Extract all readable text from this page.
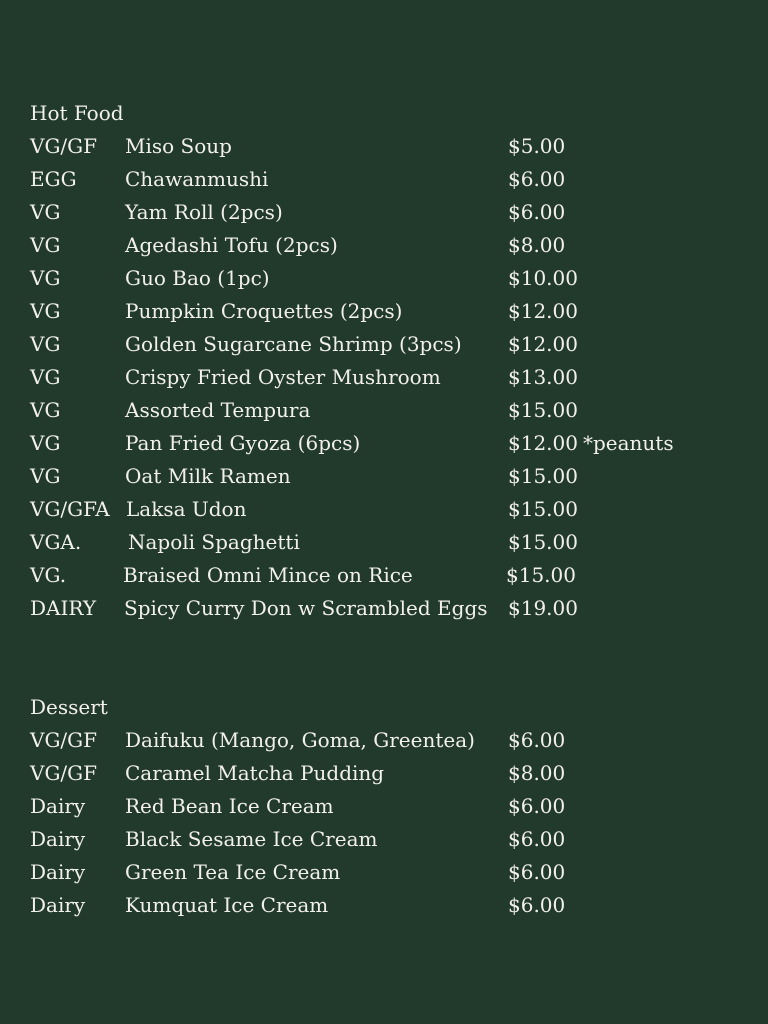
Hot Food
VG/GF Miso Soup	$5.00
EGG Chawanmushi	$6.00
VG	Yam Roll (2pcs)	$6.00
VG	Agedashi Tofu (2pcs)	$8.00
VG	Guo Bao (1pc)	$10.00
VG	Pumpkin Croquettes (2pcs)	$12.00
VG	Golden Sugarcane Shrimp (3pcs) $12.00
VG	Crispy Fried Oyster Mushroom	$13.00
VG	Assorted Tempura	$15.00
VG	Pan Fried Gyoza (6pcs)	$12.00 *peanuts
VG	Oat Milk Ramen	$15.00
VG/GFA Laksa Udon	$15.00
VGA. Napoli Spaghetti	$15.00
VG.	Braised Omni Mince on Rice	$15.00
DAIRY Spicy Curry Don w Scrambled Eggs $19.00
Dessert
VG/GF Daifuku (Mango, Goma, Greentea) $6.00
VG/GF Caramel Matcha Pudding	$8.00
Dairy Red Bean Ice Cream	$6.00
Dairy Black Sesame Ice Cream	$6.00
Dairy Green Tea Ice Cream	$6.00
Dairy Kumquat Ice Cream	$6.00
